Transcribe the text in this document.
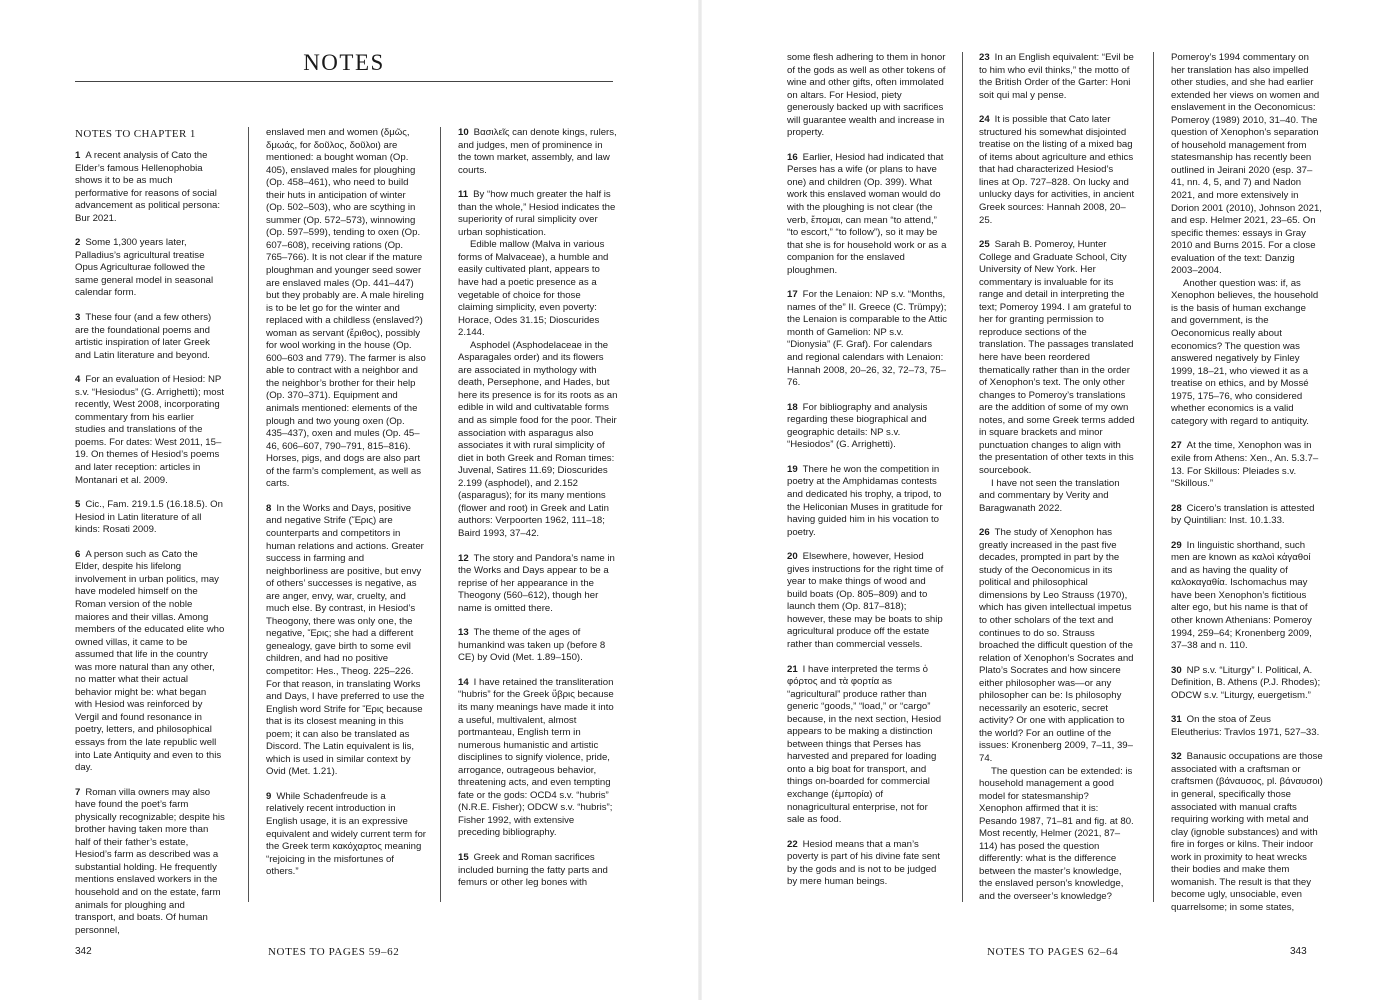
NOTES
NOTES TO CHAPTER 1

1 A recent analysis of Cato the Elder’s famous Hellenophobia shows it to be as much performative for reasons of social advancement as political persona: Bur 2021.

2 Some 1,300 years later, Palladius’s agricultural treatise Opus Agriculturae followed the same general model in seasonal calendar form.

3 These four (and a few others) are the foundational poems and artistic inspiration of later Greek and Latin literature and beyond.

4 For an evaluation of Hesiod: NP s.v. “Hesiodus” (G. Arrighetti); most recently, West 2008, incorporating commentary from his earlier studies and translations of the poems. For dates: West 2011, 15–19. On themes of Hesiod’s poems and later reception: articles in Montanari et al. 2009.

5 Cic., Fam. 219.1.5 (16.18.5). On Hesiod in Latin literature of all kinds: Rosati 2009.

6 A person such as Cato the Elder, despite his lifelong involvement in urban politics, may have modeled himself on the Roman version of the noble maiores and their villas. Among members of the educated elite who owned villas, it came to be assumed that life in the country was more natural than any other, no matter what their actual behavior might be: what began with Hesiod was reinforced by Vergil and found resonance in poetry, letters, and philosophical essays from the late republic well into Late Antiquity and even to this day.

7 Roman villa owners may also have found the poet’s farm physically recognizable; despite his brother having taken more than half of their father’s estate, Hesiod’s farm as described was a substantial holding. He frequently mentions enslaved workers in the household and on the estate, farm animals for ploughing and transport, and boats. Of human personnel,

enslaved men and women (δμῶς, δμωάς, for δοῦλος, δοῦλοι) are mentioned: a bought woman (Op. 405), enslaved males for ploughing (Op. 458–461), who need to build their huts in anticipation of winter (Op. 502–503), who are scything in summer (Op. 572–573), winnowing (Op. 597–599), tending to oxen (Op. 607–608), receiving rations (Op. 765–766). It is not clear if the mature ploughman and younger seed sower are enslaved males (Op. 441–447) but they probably are. A male hireling is to be let go for the winter and replaced with a childless (enslaved?) woman as servant (ἔριθος), possibly for wool working in the house (Op. 600–603 and 779). The farmer is also able to contract with a neighbor and the neighbor’s brother for their help (Op. 370–371). Equipment and animals mentioned: elements of the plough and two young oxen (Op. 435–437), oxen and mules (Op. 45–46, 606–607, 790–791, 815–816). Horses, pigs, and dogs are also part of the farm’s complement, as well as carts.

8 In the Works and Days, positive and negative Strife (Ἔρις) are counterparts and competitors in human relations and actions. Greater success in farming and neighborliness are positive, but envy of others’ successes is negative, as are anger, envy, war, cruelty, and much else. By contrast, in Hesiod’s Theogony, there was only one, the negative, Ἔρις; she had a different genealogy, gave birth to some evil children, and had no positive competitor: Hes., Theog. 225–226. For that reason, in translating Works and Days, I have preferred to use the English word Strife for Ἔρις because that is its closest meaning in this poem; it can also be translated as Discord. The Latin equivalent is lis, which is used in similar context by Ovid (Met. 1.21).

9 While Schadenfreude is a relatively recent introduction in English usage, it is an expressive equivalent and widely current term for the Greek term κακόχαρτος meaning “rejoicing in the misfortunes of others.”

10 Βασιλεῖς can denote kings, rulers, and judges, men of prominence in the town market, assembly, and law courts.

11 By “how much greater the half is than the whole,” Hesiod indicates the superiority of rural simplicity over urban sophistication.

Edible mallow (Malva in various forms of Malvaceae), a humble and easily cultivated plant, appears to have had a poetic presence as a vegetable of choice for those claiming simplicity, even poverty: Horace, Odes 31.15; Dioscurides 2.144.

Asphodel (Asphodelaceae in the Asparagales order) and its flowers are associated in mythology with death, Persephone, and Hades, but here its presence is for its roots as an edible in wild and cultivatable forms and as simple food for the poor. Their association with asparagus also associates it with rural simplicity of diet in both Greek and Roman times: Juvenal, Satires 11.69; Dioscurides 2.199 (asphodel), and 2.152 (asparagus); for its many mentions (flower and root) in Greek and Latin authors: Verpoorten 1962, 111–18; Baird 1993, 37–42.

12 The story and Pandora’s name in the Works and Days appear to be a reprise of her appearance in the Theogony (560–612), though her name is omitted there.

13 The theme of the ages of humankind was taken up (before 8 CE) by Ovid (Met. 1.89–150).

14 I have retained the transliteration “hubris” for the Greek ὕβρις because its many meanings have made it into a useful, multivalent, almost portmanteau, English term in numerous humanistic and artistic disciplines to signify violence, pride, arrogance, outrageous behavior, threatening acts, and even tempting fate or the gods: OCD4 s.v. “hubris” (N.R.E. Fisher); ODCW s.v. “hubris”; Fisher 1992, with extensive preceding bibliography.

15 Greek and Roman sacrifices included burning the fatty parts and femurs or other leg bones with

342	NOTES TO PAGES 59–62

some flesh adhering to them in honor of the gods as well as other tokens of wine and other gifts, often immolated on altars. For Hesiod, piety generously backed up with sacrifices will guarantee wealth and increase in property.

16 Earlier, Hesiod had indicated that Perses has a wife (or plans to have one) and children (Op. 399). What work this enslaved woman would do with the ploughing is not clear (the verb, ἕπομαι, can mean “to attend,” “to escort,” “to follow”), so it may be that she is for household work or as a companion for the enslaved ploughmen.

17 For the Lenaion: NP s.v. “Months, names of the” II. Greece (C. Trümpy); the Lenaion is comparable to the Attic month of Gamelion: NP s.v. “Dionysia” (F. Graf). For calendars and regional calendars with Lenaion: Hannah 2008, 20–26, 32, 72–73, 75–76.

18 For bibliography and analysis regarding these biographical and geographic details: NP s.v. “Hesiodos” (G. Arrighetti).

19 There he won the competition in poetry at the Amphidamas contests and dedicated his trophy, a tripod, to the Heliconian Muses in gratitude for having guided him in his vocation to poetry.

20 Elsewhere, however, Hesiod gives instructions for the right time of year to make things of wood and build boats (Op. 805–809) and to launch them (Op. 817–818); however, these may be boats to ship agricultural produce off the estate rather than commercial vessels.

21 I have interpreted the terms ὁ φόρτος and τὰ φορτία as “agricultural” produce rather than generic “goods,” “load,” or “cargo” because, in the next section, Hesiod appears to be making a distinction between things that Perses has harvested and prepared for loading onto a big boat for transport, and things on-boarded for commercial exchange (ἐμπορία) of nonagricultural enterprise, not for sale as food.

22 Hesiod means that a man’s poverty is part of his divine fate sent by the gods and is not to be judged by mere human beings.

23 In an English equivalent: “Evil be to him who evil thinks,” the motto of the British Order of the Garter: Honi soit qui mal y pense.

24 It is possible that Cato later structured his somewhat disjointed treatise on the listing of a mixed bag of items about agriculture and ethics that had characterized Hesiod’s lines at Op. 727–828. On lucky and unlucky days for activities, in ancient Greek sources: Hannah 2008, 20–25.

25 Sarah B. Pomeroy, Hunter College and Graduate School, City University of New York. Her commentary is invaluable for its range and detail in interpreting the text; Pomeroy 1994. I am grateful to her for granting permission to reproduce sections of the translation. The passages translated here have been reordered thematically rather than in the order of Xenophon’s text. The only other changes to Pomeroy’s translations are the addition of some of my own notes, and some Greek terms added in square brackets and minor punctuation changes to align with the presentation of other texts in this sourcebook.

I have not seen the translation and commentary by Verity and Baragwanath 2022.

26 The study of Xenophon has greatly increased in the past five decades, prompted in part by the study of the Oeconomicus in its political and philosophical dimensions by Leo Strauss (1970), which has given intellectual impetus to other scholars of the text and continues to do so. Strauss broached the difficult question of the relation of Xenophon’s Socrates and Plato’s Socrates and how sincere either philosopher was—or any philosopher can be: Is philosophy necessarily an esoteric, secret activity? Or one with application to the world? For an outline of the issues: Kronenberg 2009, 7–11, 39–74.

The question can be extended: is household management a good model for statesmanship? Xenophon affirmed that it is: Pesando 1987, 71–81 and fig. at 80. Most recently, Helmer (2021, 87–114) has posed the question differently: what is the difference between the master’s knowledge, the enslaved person’s knowledge, and the overseer’s knowledge?

Pomeroy’s 1994 commentary on her translation has also impelled other studies, and she had earlier extended her views on women and enslavement in the Oeconomicus: Pomeroy (1989) 2010, 31–40. The question of Xenophon’s separation of household management from statesmanship has recently been outlined in Jeirani 2020 (esp. 37–41, nn. 4, 5, and 7) and Nadon 2021, and more extensively in Dorion 2001 (2010), Johnson 2021, and esp. Helmer 2021, 23–65. On specific themes: essays in Gray 2010 and Burns 2015. For a close evaluation of the text: Danzig 2003–2004.

Another question was: if, as Xenophon believes, the household is the basis of human exchange and government, is the Oeconomicus really about economics? The question was answered negatively by Finley 1999, 18–21, who viewed it as a treatise on ethics, and by Mossé 1975, 175–76, who considered whether economics is a valid category with regard to antiquity.

27 At the time, Xenophon was in exile from Athens: Xen., An. 5.3.7–13. For Skillous: Pleiades s.v. “Skillous.”

28 Cicero’s translation is attested by Quintilian: Inst. 10.1.33.

29 In linguistic shorthand, such men are known as καλοὶ κἀγαθοί and as having the quality of καλοκαγαθία. Ischomachus may have been Xenophon’s fictitious alter ego, but his name is that of other known Athenians: Pomeroy 1994, 259–64; Kronenberg 2009, 37–38 and n. 110.

30 NP s.v. “Liturgy” I. Political, A. Definition, B. Athens (P.J. Rhodes); ODCW s.v. “Liturgy, euergetism.”

31 On the stoa of Zeus Eleutherius: Travlos 1971, 527–33.

32 Banausic occupations are those associated with a craftsman or craftsmen (βάναυσος, pl. βάναυσοι) in general, specifically those associated with manual crafts requiring working with metal and clay (ignoble substances) and with fire in forges or kilns. Their indoor work in proximity to heat wrecks their bodies and make them womanish. The result is that they become ugly, unsociable, even quarrelsome; in some states,

NOTES TO PAGES 62–64	343
